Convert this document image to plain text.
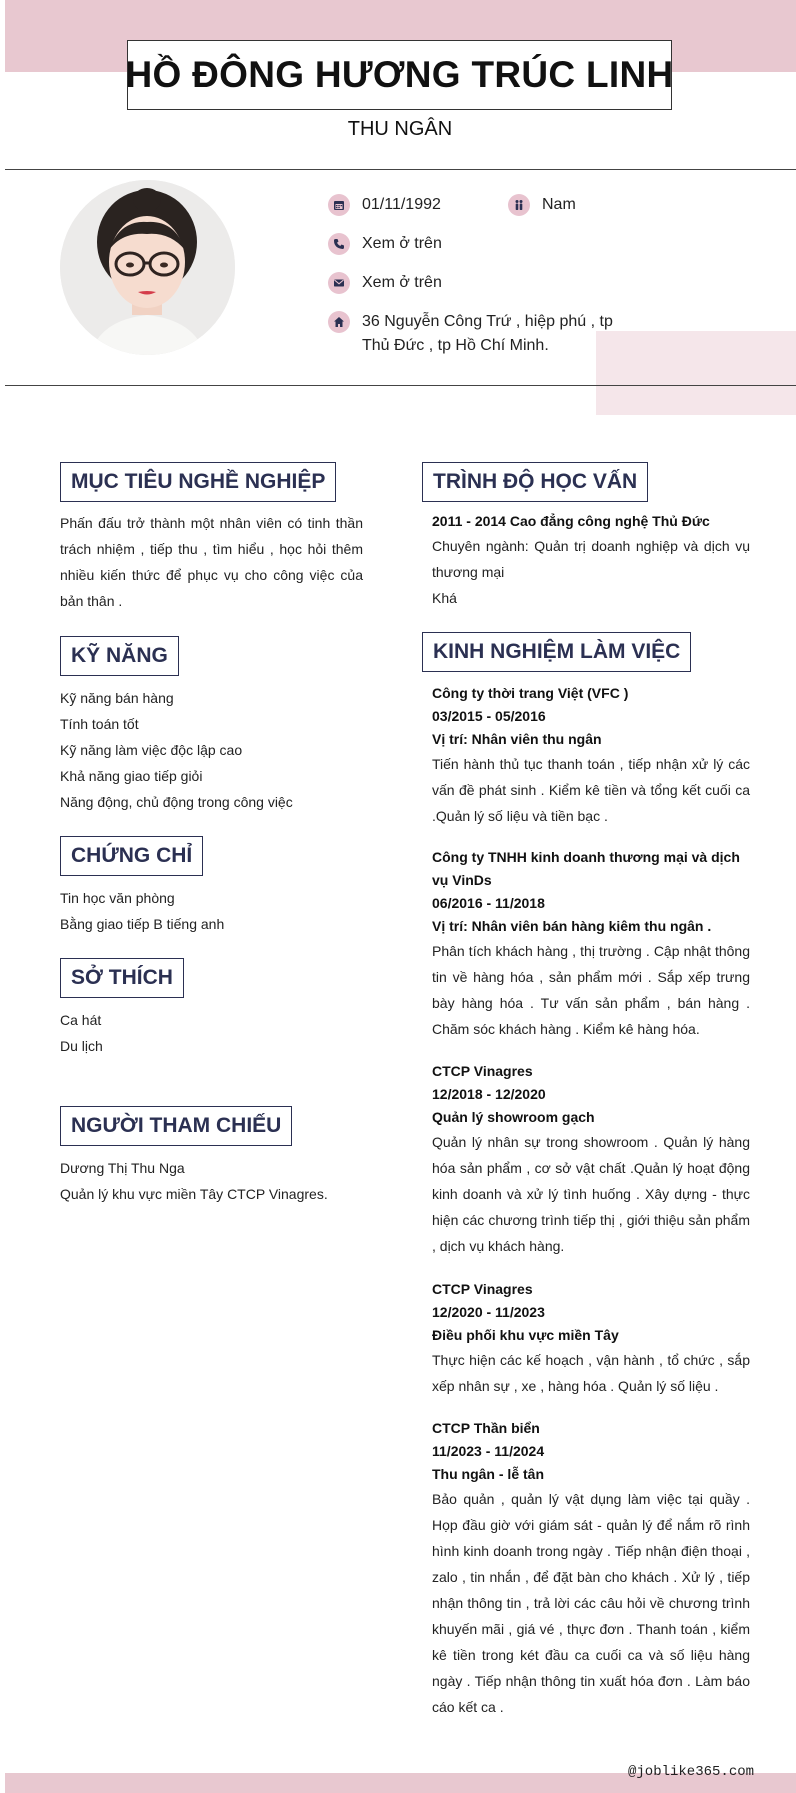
HỒ ĐÔNG HƯƠNG TRÚC LINH
THU NGÂN
01/11/1992	Nam
Xem ở trên
Xem ở trên
36 Nguyễn Công Trứ , hiệp phú , tp Thủ Đức , tp Hồ Chí Minh.
MỤC TIÊU NGHỀ NGHIỆP
Phấn đấu trở thành một nhân viên có tinh thần trách nhiệm , tiếp thu , tìm hiểu , học hỏi thêm nhiều kiến thức để phục vụ cho công việc của bản thân .
KỸ NĂNG
Kỹ năng bán hàng
Tính toán tốt
Kỹ năng làm việc độc lập cao
Khả năng giao tiếp giỏi
Năng động, chủ động trong công việc
CHỨNG CHỈ
Tin học văn phòng
Bằng giao tiếp B tiếng anh
SỞ THÍCH
Ca hát
Du lịch
NGƯỜI THAM CHIẾU
Dương Thị Thu Nga
Quản lý khu vực miền Tây CTCP Vinagres.
TRÌNH ĐỘ HỌC VẤN
2011 - 2014 Cao đẳng công nghệ Thủ Đức
Chuyên ngành: Quản trị doanh nghiệp và dịch vụ thương mại
Khá
KINH NGHIỆM LÀM VIỆC
Công ty thời trang Việt (VFC )
03/2015 - 05/2016
Vị trí: Nhân viên thu ngân
Tiến hành thủ tục thanh toán , tiếp nhận xử lý các vấn đề phát sinh . Kiểm kê tiền và tổng kết cuối ca .Quản lý số liệu và tiền bạc .
Công ty TNHH kinh doanh thương mại và dịch vụ VinDs
06/2016 - 11/2018
Vị trí: Nhân viên bán hàng kiêm thu ngân .
Phân tích khách hàng , thị trường . Cập nhật thông tin về hàng hóa , sản phẩm mới . Sắp xếp trưng bày hàng hóa . Tư vấn sản phẩm , bán hàng . Chăm sóc khách hàng . Kiểm kê hàng hóa.
CTCP Vinagres
12/2018 - 12/2020
Quản lý showroom gạch
Quản lý nhân sự trong showroom . Quản lý hàng hóa sản phẩm , cơ sở vật chất .Quản lý hoạt động kinh doanh và xử lý tình huống . Xây dựng - thực hiện các chương trình tiếp thị , giới thiệu sản phẩm , dịch vụ khách hàng.
CTCP Vinagres
12/2020 - 11/2023
Điều phối khu vực miền Tây
Thực hiện các kế hoạch , vận hành , tổ chức , sắp xếp nhân sự , xe , hàng hóa . Quản lý số liệu .
CTCP Thần biển
11/2023 - 11/2024
Thu ngân - lễ tân
Bảo quản , quản lý vật dụng làm việc tại quầy . Họp đầu giờ với giám sát - quản lý để nắm rõ rình hình kinh doanh trong ngày . Tiếp nhận điện thoại , zalo , tin nhắn , để đặt bàn cho khách . Xử lý , tiếp nhận thông tin , trả lời các câu hỏi về chương trình khuyến mãi , giá vé , thực đơn . Thanh toán , kiểm kê tiền trong két đầu ca cuối ca và số liệu hàng ngày . Tiếp nhận thông tin xuất hóa đơn . Làm báo cáo kết ca .
@joblike365.com
